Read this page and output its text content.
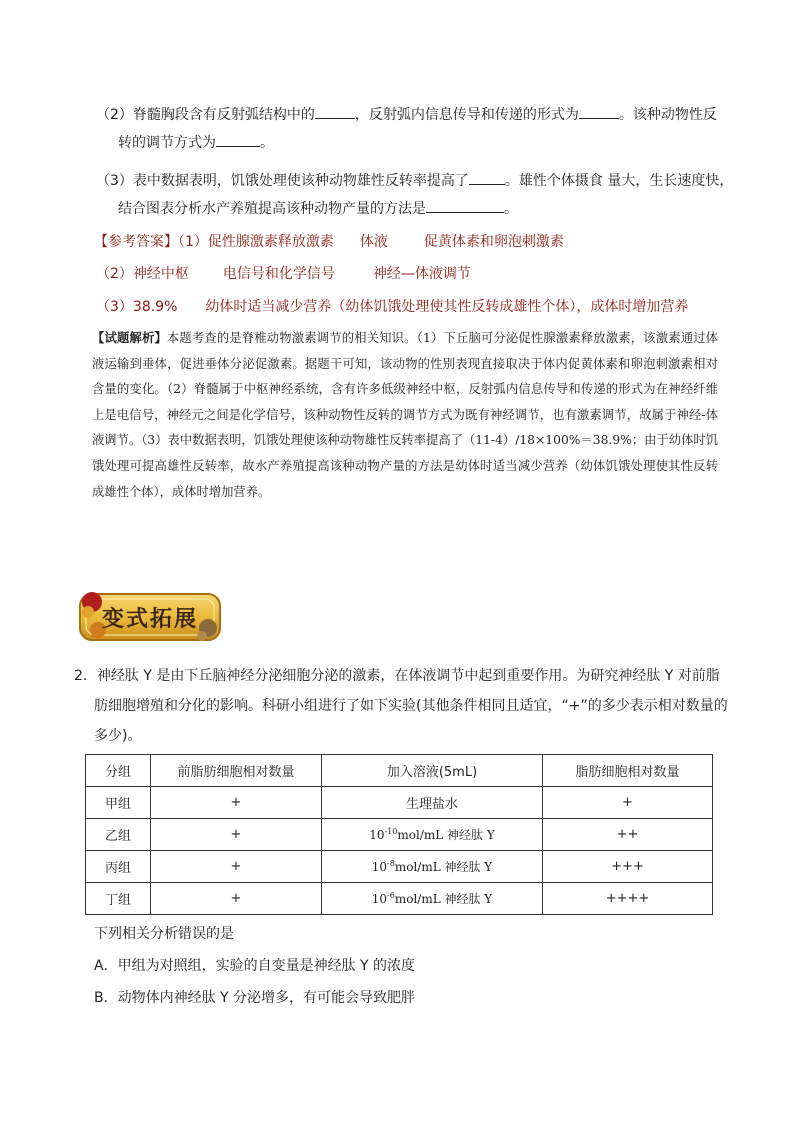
（2）脊髓胸段含有反射弧结构中的	，反射弧内信息传导和传递的形式为	。该种动物性反
转的调节方式为	。
（3）表中数据表明，饥饿处理使该种动物雄性反转率提高了	。雄性个体摄食 量大，生长速度快，
结合图表分析水产养殖提高该种动物产量的方法是	。
【参考答案】（1）促性腺激素释放激素 体液	促黄体素和卵泡刺激素
（2）神经中枢 电信号和化学信号	神经—体液调节
（3）38.9% 幼体时适当减少营养（幼体饥饿处理使其性反转成雄性个体），成体时增加营养
【试题解析】本题考查的是脊椎动物激素调节的相关知识。（1）下丘脑可分泌促性腺激素释放激素，该激素通过体液运输到垂体，促进垂体分泌促激素。据题干可知，该动物的性别表现直接取决于体内促黄体素和卵泡刺激素相对含量的变化。（2）脊髓属于中枢神经系统，含有许多低级神经中枢，反射弧内信息传导和传递的形式为在神经纤维上是电信号，神经元之间是化学信号，该种动物性反转的调节方式为既有神经调节，也有激素调节，故属于神经-体液调节。（3）表中数据表明，饥饿处理使该种动物雄性反转率提高了（11-4）/18×100%＝38.9%；由于幼体时饥饿处理可提高雄性反转率，故水产养殖提高该种动物产量的方法是幼体时适当减少营养（幼体饥饿处理使其性反转成雄性个体），成体时增加营养。
变式拓展
2．神经肽 Y 是由下丘脑神经分泌细胞分泌的激素，在体液调节中起到重要作用。为研究神经肽 Y 对前脂
肪细胞增殖和分化的影响。科研小组进行了如下实验(其他条件相同且适宜，“+”的多少表示相对数量的
多少)。
分组	前脂肪细胞相对数量	加入溶液(5mL)	脂肪细胞相对数量
甲组	+	生理盐水	+
乙组	+	$10^{-10}mol/mL$ 神经肽 Y	++
丙组	+	$10^{-8}mol/mL$ 神经肽 Y	+++
丁组	+	$10^{-6}mol/mL$ 神经肽 Y	++++
下列相关分析错误的是
A．甲组为对照组，实验的自变量是神经肽 Y 的浓度
B．动物体内神经肽 Y 分泌增多，有可能会导致肥胖
